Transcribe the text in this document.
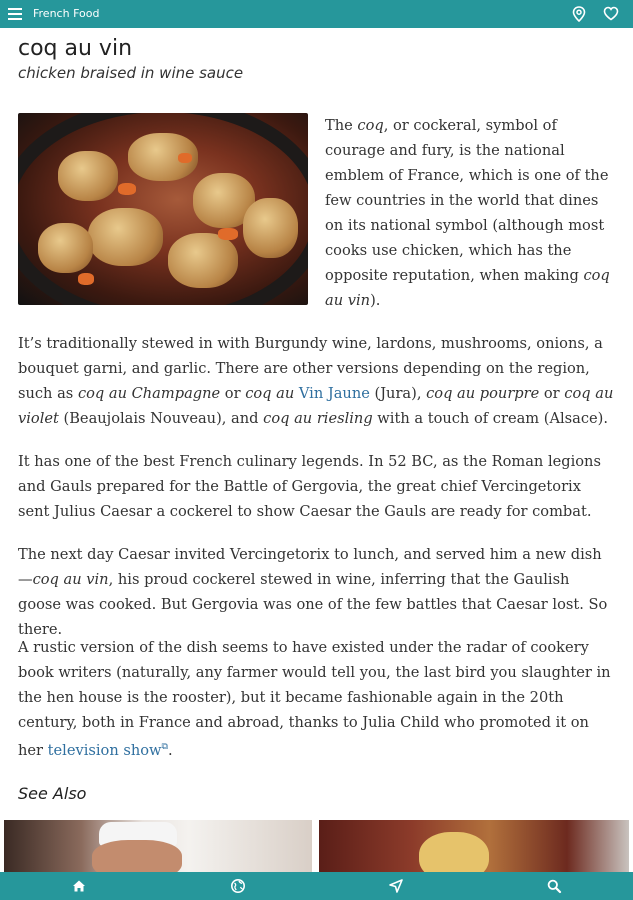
French Food
coq au vin

chicken braised in wine sauce

The coq, or cockeral, symbol of courage and fury, is the national emblem of France, which is one of the few countries in the world that dines on its national symbol (although most cooks use chicken, which has the opposite reputation, when making coq au vin).

It’s traditionally stewed in with Burgundy wine, lardons, mushrooms, onions, a bouquet garni, and garlic. There are other versions depending on the region, such as coq au Champagne or coq au Vin Jaune (Jura), coq au pourpre or coq au violet (Beaujolais Nouveau), and coq au riesling with a touch of cream (Alsace).

It has one of the best French culinary legends. In 52 BC, as the Roman legions and Gauls prepared for the Battle of Gergovia, the great chief Vercingetorix sent Julius Caesar a cockerel to show Caesar the Gauls are ready for combat.

The next day Caesar invited Vercingetorix to lunch, and served him a new dish—coq au vin, his proud cockerel stewed in wine, inferring that the Gaulish goose was cooked. But Gergovia was one of the few battles that Caesar lost. So there.

A rustic version of the dish seems to have existed under the radar of cookery book writers (naturally, any farmer would tell you, the last bird you slaughter in the hen house is the rooster), but it became fashionable again in the 20th century, both in France and abroad, thanks to Julia Child who promoted it on her television show⧉.

See Also
